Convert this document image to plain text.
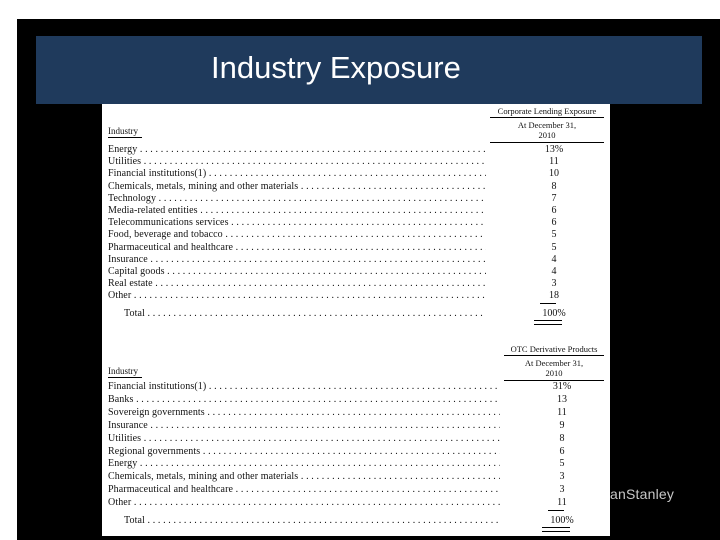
Industry Exposure
Corporate Lending Exposure
At December 31,
2010
Industry
Energy . . .	13%
Utilities . . .	11
Financial institutions(1) . . .	10
Chemicals, metals, mining and other materials . . .	8
Technology . . .	7
Media-related entities . . .	6
Telecommunications services . . .	6
Food, beverage and tobacco . . .	5
Pharmaceutical and healthcare . . .	5
Insurance . . .	4
Capital goods . . .	4
Real estate . . .	3
Other . . .	18
Total . . .	100%
OTC Derivative Products
At December 31,
2010
Industry
Financial institutions(1) . . .	31%
Banks . . .	13
Sovereign governments . . .	11
Insurance . . .	9
Utilities . . .	8
Regional governments . . .	6
Energy . . .	5
Chemicals, metals, mining and other materials . . .	3
Pharmaceutical and healthcare . . .	3
Other . . .	11
Total . . .	100%
anStanley
